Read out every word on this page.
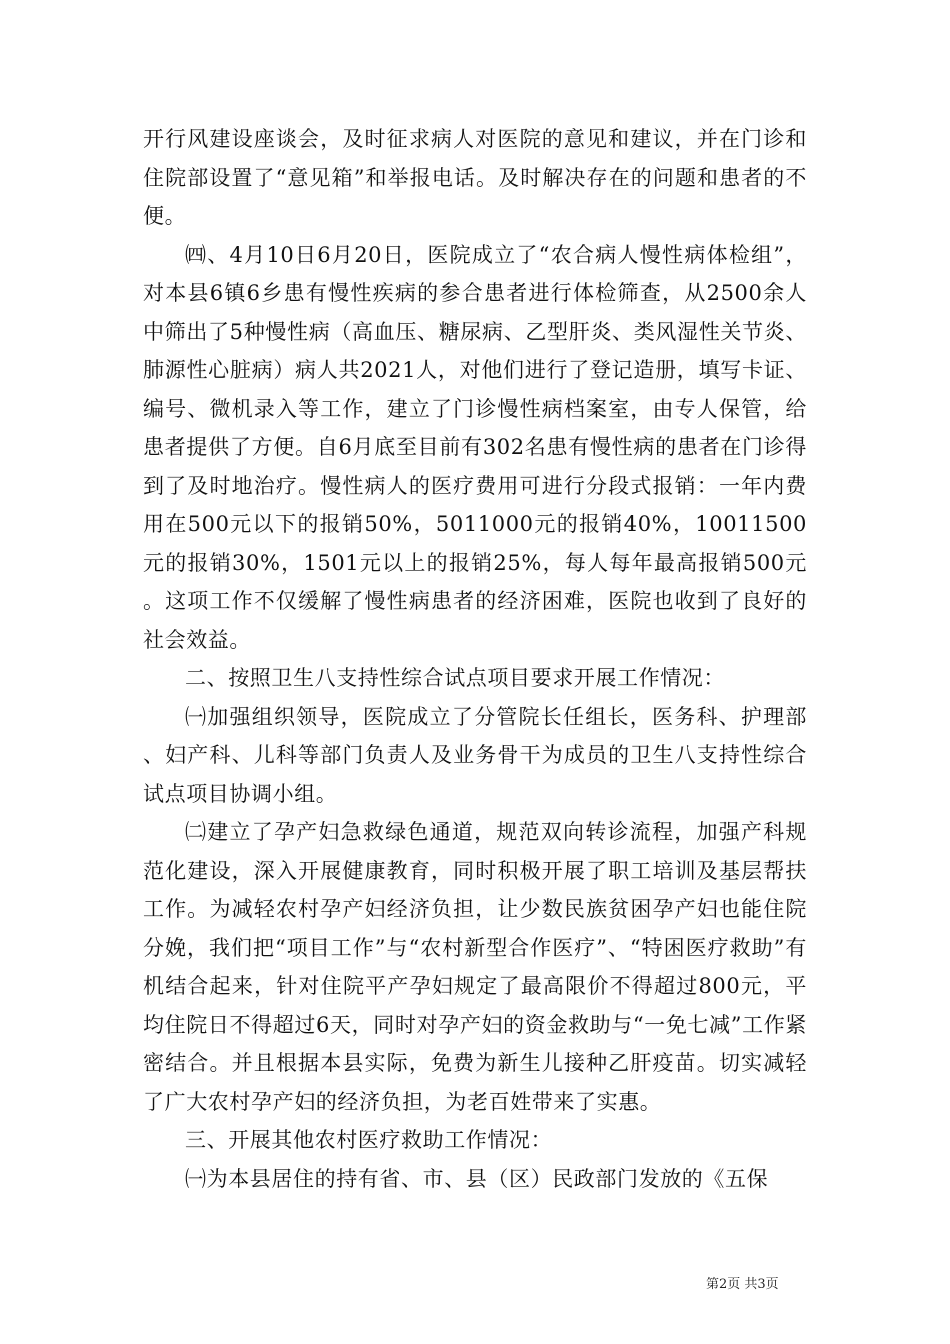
开行风建设座谈会，及时征求病人对医院的意见和建议，并在门诊和住院部设置了“意见箱”和举报电话。及时解决存在的问题和患者的不便。

㈣、4月10日6月20日，医院成立了“农合病人慢性病体检组”，对本县6镇6乡患有慢性疾病的参合患者进行体检筛查，从2500余人中筛出了5种慢性病（高血压、糖尿病、乙型肝炎、类风湿性关节炎、肺源性心脏病）病人共2021人，对他们进行了登记造册，填写卡证、编号、微机录入等工作，建立了门诊慢性病档案室，由专人保管，给患者提供了方便。自6月底至目前有302名患有慢性病的患者在门诊得到了及时地治疗。慢性病人的医疗费用可进行分段式报销：一年内费用在500元以下的报销50%，5011000元的报销40%，10011500元的报销30%，1501元以上的报销25%，每人每年最高报销500元。这项工作不仅缓解了慢性病患者的经济困难，医院也收到了良好的社会效益。

二、按照卫生八支持性综合试点项目要求开展工作情况：

㈠加强组织领导，医院成立了分管院长任组长，医务科、护理部、妇产科、儿科等部门负责人及业务骨干为成员的卫生八支持性综合试点项目协调小组。

㈡建立了孕产妇急救绿色通道，规范双向转诊流程，加强产科规范化建设，深入开展健康教育，同时积极开展了职工培训及基层帮扶工作。为减轻农村孕产妇经济负担，让少数民族贫困孕产妇也能住院分娩，我们把“项目工作”与“农村新型合作医疗”、“特困医疗救助”有机结合起来，针对住院平产孕妇规定了最高限价不得超过800元，平均住院日不得超过6天，同时对孕产妇的资金救助与“一免七减”工作紧密结合。并且根据本县实际，免费为新生儿接种乙肝疫苗。切实减轻了广大农村孕产妇的经济负担，为老百姓带来了实惠。

三、开展其他农村医疗救助工作情况：

㈠为本县居住的持有省、市、县（区）民政部门发放的《五保

第2页 共3页
